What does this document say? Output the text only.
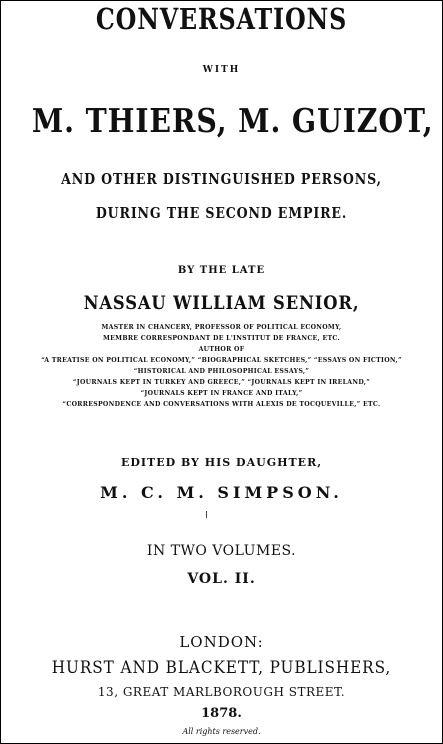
CONVERSATIONS
WITH
M. THIERS, M. GUIZOT,
AND OTHER DISTINGUISHED PERSONS,
DURING THE SECOND EMPIRE.
BY THE LATE
NASSAU WILLIAM SENIOR,
MASTER IN CHANCERY, PROFESSOR OF POLITICAL ECONOMY,
MEMBRE CORRESPONDANT DE L'INSTITUT DE FRANCE, ETC.
AUTHOR OF
“A TREATISE ON POLITICAL ECONOMY,” “BIOGRAPHICAL SKETCHES,” “ESSAYS ON FICTION,”
“HISTORICAL AND PHILOSOPHICAL ESSAYS,”
“JOURNALS KEPT IN TURKEY AND GREECE,” “JOURNALS KEPT IN IRELAND,”
“JOURNALS KEPT IN FRANCE AND ITALY,”
“CORRESPONDENCE AND CONVERSATIONS WITH ALEXIS DE TOCQUEVILLE,” ETC.
EDITED BY HIS DAUGHTER,
M. C. M. SIMPSON.
IN TWO VOLUMES.
VOL. II.
LONDON:
HURST AND BLACKETT, PUBLISHERS,
13, GREAT MARLBOROUGH STREET.
1878.
All rights reserved.
